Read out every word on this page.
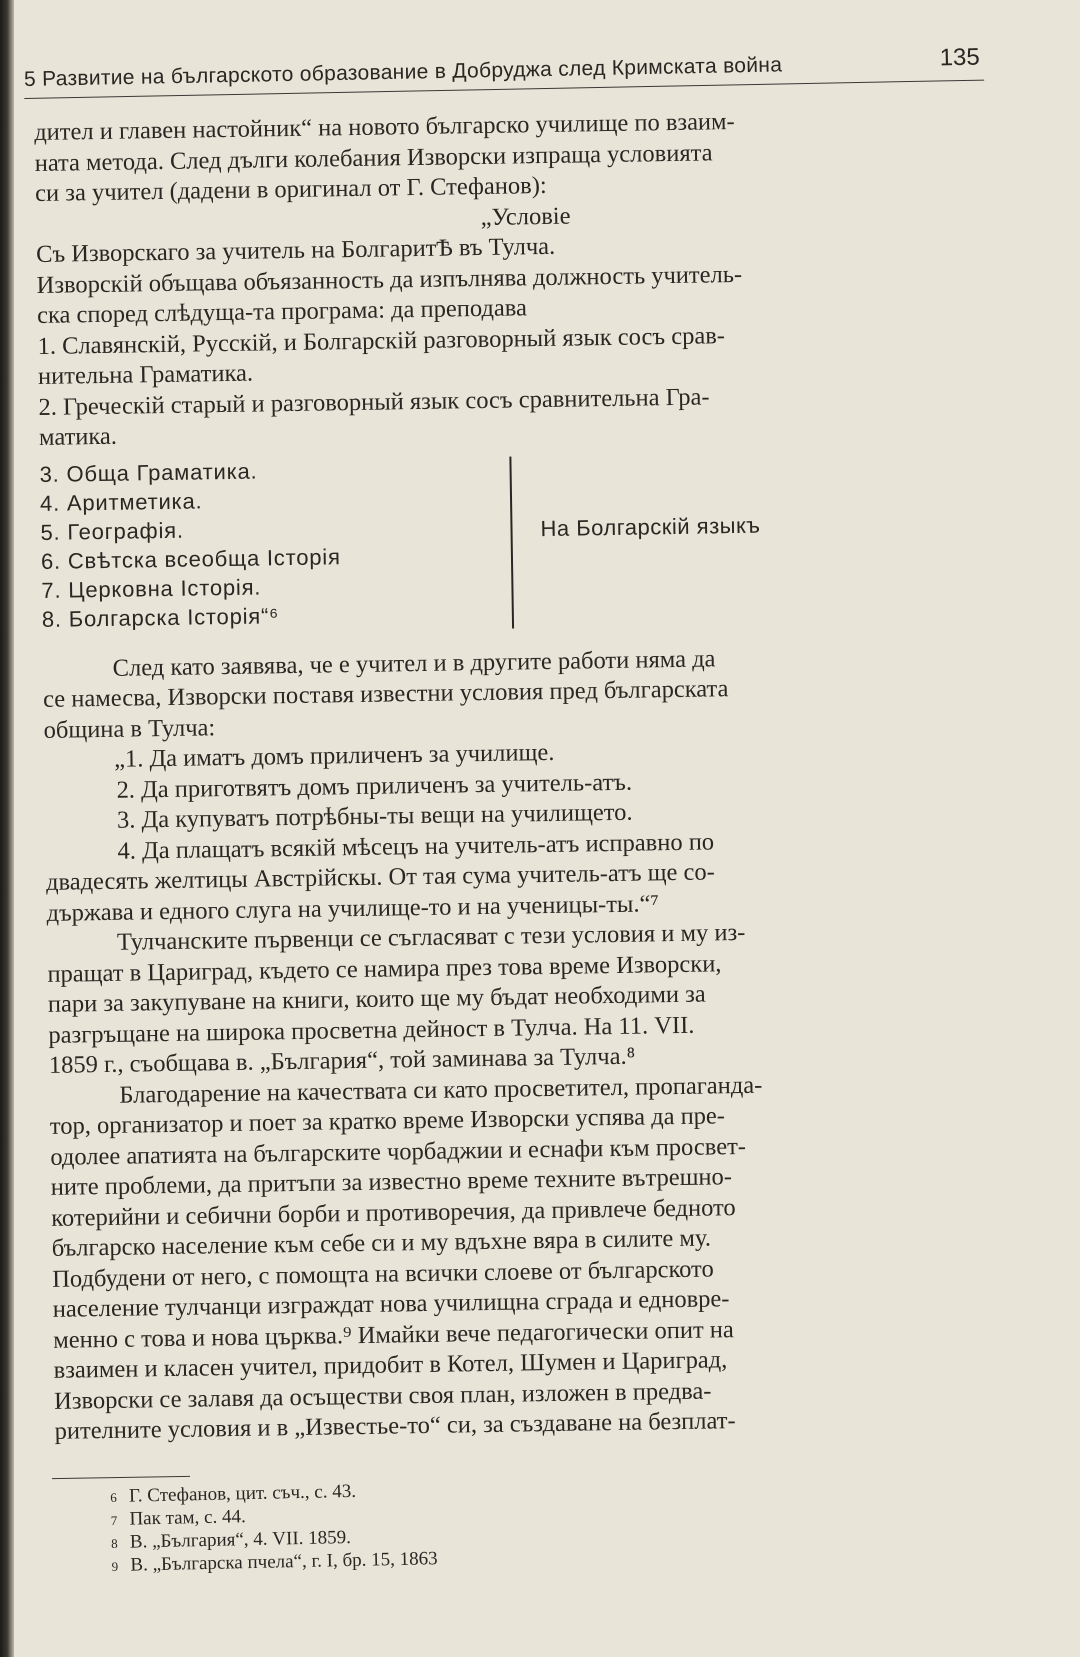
5 Развитие на българското образование в Добруджа след Кримската война	135
дител и главен настойник“ на новото българско училище по взаим-
ната метода. След дълги колебания Изворски изпраща условията
си за учител (дадени в оригинал от Г. Стефанов):
„Условіе
Съ Изворскаго за учитель на БолгаритѢ въ Тулча.
Изворскій объщава объязанность да изпълнява должность учитель-
ска според слѣдуща-та програма: да преподава
1. Славянскій, Русскій, и Болгарскій разговорный язык сосъ срав-
нительна Граматика.
2. Греческій старый и разговорный язык сосъ сравнительна Гра-
матика.
3. Обща Граматика.
4. Аритметика.
5. Географія.
6. Свѣтска всеобща Історія
7. Церковна Історія.
8. Болгарска Історія“⁶
На Болгарскій языкъ
След като заявява, че е учител и в другите работи няма да
се намесва, Изворски поставя известни условия пред българската
община в Тулча:
„1. Да иматъ домъ приличенъ за училище.
2. Да приготвятъ домъ приличенъ за учитель-атъ.
3. Да купуватъ потрѣбны-ты вещи на училището.
4. Да плащатъ всякій мѣсецъ на учитель-атъ исправно по
двадесять желтицы Австрійскы. От тая сума учитель-атъ ще со-
държава и едного слуга на училище-то и на ученицы-ты.“⁷
Тулчанските първенци се съгласяват с тези условия и му из-
пращат в Цариград, където се намира през това време Изворски,
пари за закупуване на книги, които ще му бъдат необходими за
разгръщане на широка просветна дейност в Тулча. На 11. VII.
1859 г., съобщава в. „България“, той заминава за Тулча.⁸
Благодарение на качествата си като просветител, пропаганда-
тор, организатор и поет за кратко време Изворски успява да пре-
одолее апатията на българските чорбаджии и еснафи към просвет-
ните проблеми, да притъпи за известно време техните вътрешно-
котерийни и себични борби и противоречия, да привлече бедното
българско население към себе си и му вдъхне вяра в силите му.
Подбудени от него, с помощта на всички слоеве от българското
население тулчанци изграждат нова училищна сграда и едновре-
менно с това и нова църква.⁹ Имайки вече педагогически опит на
взаимен и класен учител, придобит в Котел, Шумен и Цариград,
Изворски се залавя да осъществи своя план, изложен в предва-
рителните условия и в „Известье-то“ си, за създаване на безплат-
6 Г. Стефанов, цит. съч., с. 43.
7 Пак там, с. 44.
8 В. „България“, 4. VII. 1859.
9 В. „Българска пчела“, г. I, бр. 15, 1863
